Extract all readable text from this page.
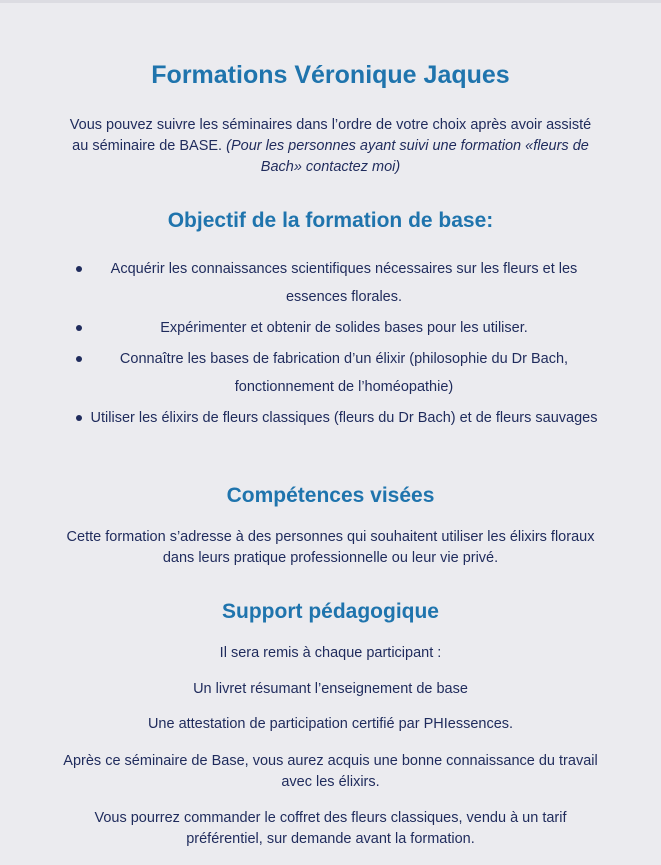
Formations Véronique Jaques

Vous pouvez suivre les séminaires dans l’ordre de votre choix après avoir assisté au séminaire de BASE. (Pour les personnes ayant suivi une formation «fleurs de Bach» contactez moi)

Objectif de la formation de base:
Acquérir les connaissances scientifiques nécessaires sur les fleurs et les essences florales.
Expérimenter et obtenir de solides bases pour les utiliser.
Connaître les bases de fabrication d’un élixir (philosophie du Dr Bach, fonctionnement de l’homéopathie)
Utiliser les élixirs de fleurs classiques (fleurs du Dr Bach) et de fleurs sauvages
Compétences visées

Cette formation s’adresse à des personnes qui souhaitent utiliser les élixirs floraux dans leurs pratique professionnelle ou leur vie privé.

Support pédagogique

Il sera remis à chaque participant :

Un livret résumant l’enseignement de base

Une attestation de participation certifié par PHIessences.

Après ce séminaire de Base, vous aurez acquis une bonne connaissance du travail avec les élixirs.

Vous pourrez commander le coffret des fleurs classiques, vendu à un tarif préférentiel, sur demande avant la formation.
